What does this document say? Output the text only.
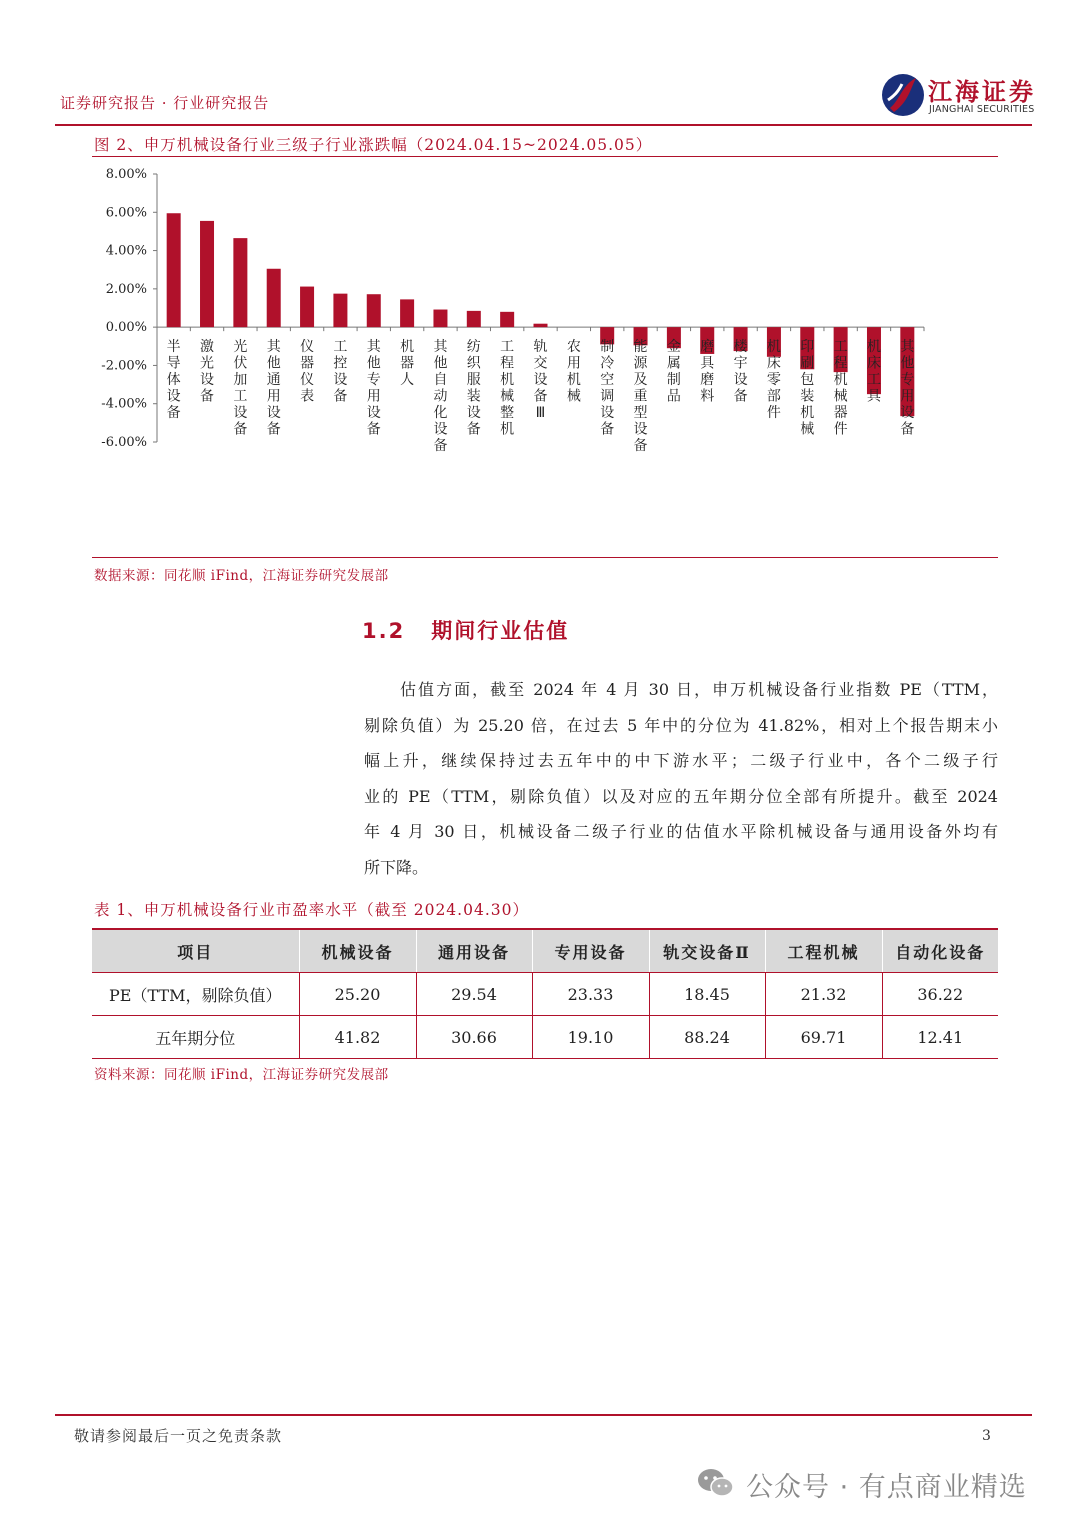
证券研究报告 · 行业研究报告	江海证券
JIANGHAI SECURITIES
图 2、申万机械设备行业三级子行业涨跌幅（2024.04.15~2024.05.05）
8.00%
6.00%
4.00%
2.00%
0.00%
-2.00%
-4.00%
-6.00%
半导体设备
激光设备
光伏加工设备
其他通用设备
仪器仪表
工控设备
其他专用设备
机器人
其他自动化设备
纺织服装设备
工程机械整机
轨交设备 Ⅲ
农用机械
制冷空调设备
能源及重型设备
金属制品
磨具磨料
楼宇设备
机床零部件
印刷包装机械
工程机械器件
机床工具
其他专用设备
数据来源：同花顺 iFind，江海证券研究发展部
1.2 期间行业估值

　　估值方面，截至 2024 年 4 月 30 日，申万机械设备行业指数 PE（TTM，

剔除负值）为 25.20 倍，在过去 5 年中的分位为 41.82%，相对上个报告期末小

幅上升，继续保持过去五年中的中下游水平；二级子行业中，各个二级子行

业的 PE（TTM，剔除负值）以及对应的五年期分位全部有所提升。截至 2024

年 4 月 30 日，机械设备二级子行业的估值水平除机械设备与通用设备外均有

所下降。

表 1、申万机械设备行业市盈率水平（截至 2024.04.30）
项目	机械设备	通用设备	专用设备	轨交设备Ⅱ	工程机械	自动化设备
PE（TTM，剔除负值）	25.20	29.54	23.33	18.45	21.32	36.22
五年期分位	41.82	30.66	19.10	88.24	69.71	12.41
资料来源：同花顺 iFind，江海证券研究发展部
敬请参阅最后一页之免责条款	3
公众号 · 有点商业精选
